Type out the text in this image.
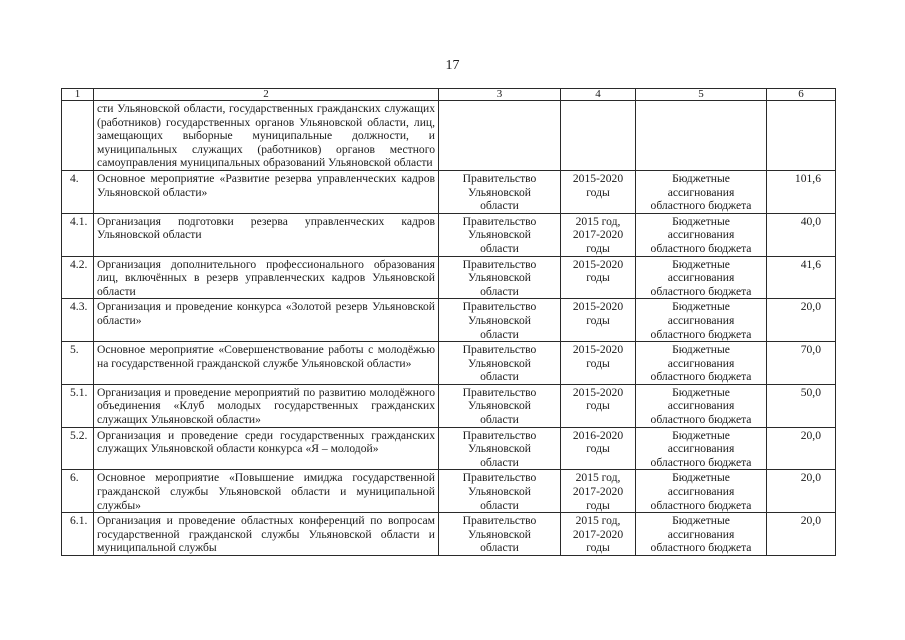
17
1	2	3	4	5	6
	сти Ульяновской области, государственных гражданских служащих (работников) государственных органов Ульяновской области, лиц, замещающих выборные муниципальные должности, и муниципальных служащих (работников) органов местного самоуправления муниципальных образований Ульяновской области				
4.	Основное мероприятие «Развитие резерва управленческих кадров Ульяновской области»	Правительство
Ульяновской
области	2015-2020
годы	Бюджетные
ассигнования
областного бюджета	101,6
4.1.	Организация подготовки резерва управленческих кадров Ульяновской области	Правительство
Ульяновской
области	2015 год,
2017-2020
годы	Бюджетные
ассигнования
областного бюджета	40,0
4.2.	Организация дополнительного профессионального образования лиц, включённых в резерв управленческих кадров Ульяновской области	Правительство
Ульяновской
области	2015-2020
годы	Бюджетные
ассигнования
областного бюджета	41,6
4.3.	Организация и проведение конкурса «Золотой резерв Ульяновской области»	Правительство
Ульяновской
области	2015-2020
годы	Бюджетные
ассигнования
областного бюджета	20,0
5.	Основное мероприятие «Совершенствование работы с молодёжью на государственной гражданской службе Ульяновской области»	Правительство
Ульяновской
области	2015-2020
годы	Бюджетные
ассигнования
областного бюджета	70,0
5.1.	Организация и проведение мероприятий по развитию молодёжного объединения «Клуб молодых государственных гражданских служащих Ульяновской области»	Правительство
Ульяновской
области	2015-2020
годы	Бюджетные
ассигнования
областного бюджета	50,0
5.2.	Организация и проведение среди государственных гражданских служащих Ульяновской области конкурса «Я – молодой»	Правительство
Ульяновской
области	2016-2020
годы	Бюджетные
ассигнования
областного бюджета	20,0
6.	Основное мероприятие «Повышение имиджа государственной гражданской службы Ульяновской области и муниципальной службы»	Правительство
Ульяновской
области	2015 год,
2017-2020
годы	Бюджетные
ассигнования
областного бюджета	20,0
6.1.	Организация и проведение областных конференций по вопросам государственной гражданской службы Ульяновской области и муниципальной службы	Правительство
Ульяновской
области	2015 год,
2017-2020
годы	Бюджетные
ассигнования
областного бюджета	20,0
